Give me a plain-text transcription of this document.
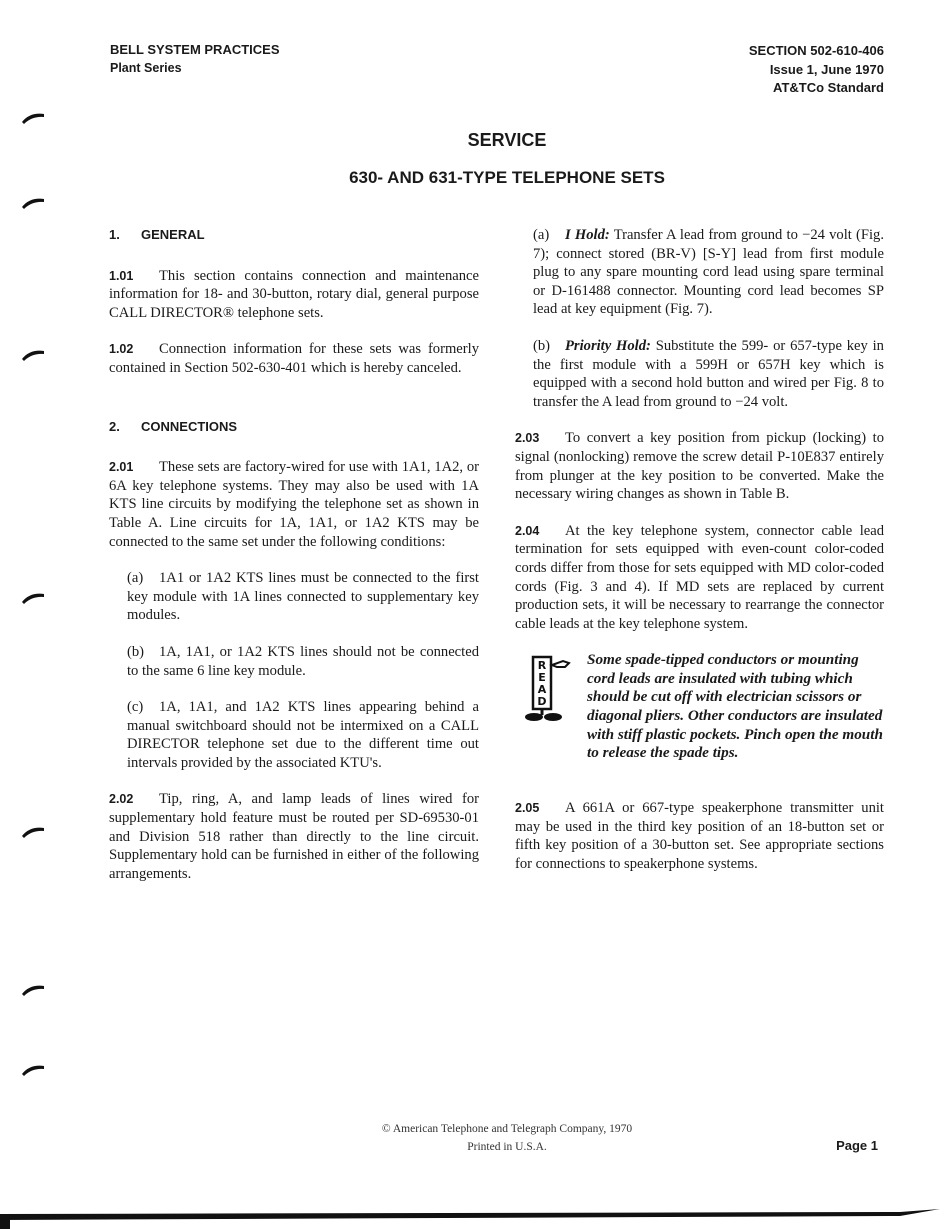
BELL SYSTEM PRACTICES
Plant Series
SECTION 502-610-406
Issue 1, June 1970
AT&TCo Standard
SERVICE
630- AND 631-TYPE TELEPHONE SETS
1. GENERAL
1.01 This section contains connection and maintenance information for 18- and 30-button, rotary dial, general purpose CALL DIRECTOR® telephone sets.
1.02 Connection information for these sets was formerly contained in Section 502-630-401 which is hereby canceled.
2. CONNECTIONS
2.01 These sets are factory-wired for use with 1A1, 1A2, or 6A key telephone systems. They may also be used with 1A KTS line circuits by modifying the telephone set as shown in Table A. Line circuits for 1A, 1A1, or 1A2 KTS may be connected to the same set under the following conditions:
(a) 1A1 or 1A2 KTS lines must be connected to the first key module with 1A lines connected to supplementary key modules.
(b) 1A, 1A1, or 1A2 KTS lines should not be connected to the same 6 line key module.
(c) 1A, 1A1, and 1A2 KTS lines appearing behind a manual switchboard should not be intermixed on a CALL DIRECTOR telephone set due to the different time out intervals provided by the associated KTU's.
2.02 Tip, ring, A, and lamp leads of lines wired for supplementary hold feature must be routed per SD-69530-01 and Division 518 rather than directly to the line circuit. Supplementary hold can be furnished in either of the following arrangements.
(a) I Hold: Transfer A lead from ground to −24 volt (Fig. 7); connect stored (BR-V) [S-Y] lead from first module plug to any spare mounting cord lead using spare terminal or D-161488 connector. Mounting cord lead becomes SP lead at key equipment (Fig. 7).
(b) Priority Hold: Substitute the 599- or 657-type key in the first module with a 599H or 657H key which is equipped with a second hold button and wired per Fig. 8 to transfer the A lead from ground to −24 volt.
2.03 To convert a key position from pickup (locking) to signal (nonlocking) remove the screw detail P-10E837 entirely from plunger at the key position to be converted. Make the necessary wiring changes as shown in Table B.
2.04 At the key telephone system, connector cable lead termination for sets equipped with even-count color-coded cords differ from those for sets equipped with MD color-coded cords (Fig. 3 and 4). If MD sets are replaced by current production sets, it will be necessary to rearrange the connector cable leads at the key telephone system.
R
E
A
D
Some spade-tipped conductors or mounting cord leads are insulated with tubing which should be cut off with electrician scissors or diagonal pliers. Other conductors are insulated with stiff plastic pockets. Pinch open the mouth to release the spade tips.
2.05 A 661A or 667-type speakerphone transmitter unit may be used in the third key position of an 18-button set or fifth key position of a 30-button set. See appropriate sections for connections to speakerphone systems.
© American Telephone and Telegraph Company, 1970
Printed in U.S.A.	Page 1
